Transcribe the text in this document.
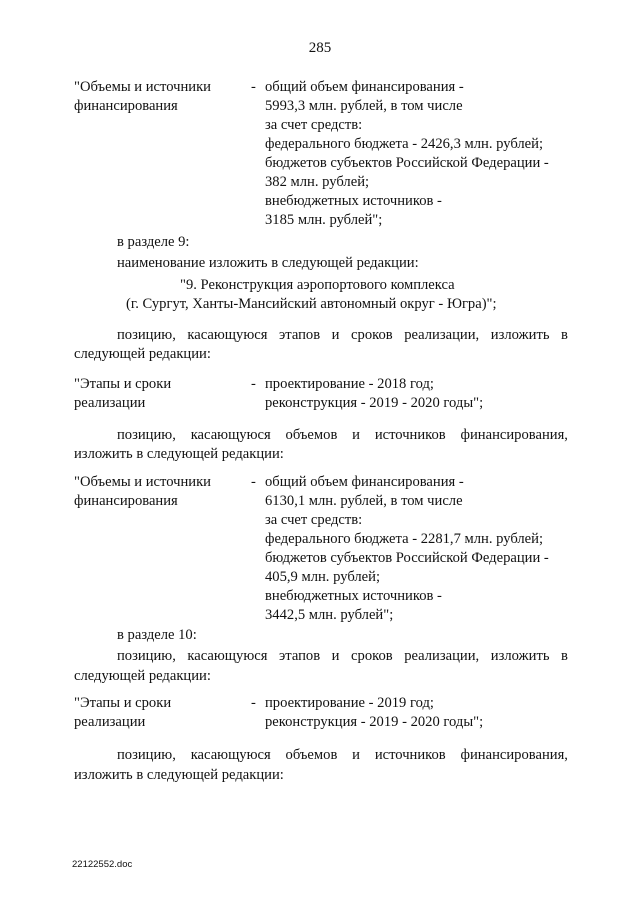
285
"Объемы и источники
финансирования
- общий объем финансирования -
5993,3 млн. рублей, в том числе
за счет средств:
федерального бюджета - 2426,3 млн. рублей;
бюджетов субъектов Российской Федерации -
382 млн. рублей;
внебюджетных источников -
3185 млн. рублей";
в разделе 9:
наименование изложить в следующей редакции:
"9. Реконструкция аэропортового комплекса
(г. Сургут, Ханты-Мансийский автономный округ - Югра)";
позицию, касающуюся этапов и сроков реализации, изложить в
следующей редакции:
"Этапы и сроки
реализации
- проектирование - 2018 год;
реконструкция - 2019 - 2020 годы";
позицию, касающуюся объемов и источников финансирования,
изложить в следующей редакции:
"Объемы и источники
финансирования
- общий объем финансирования -
6130,1 млн. рублей, в том числе
за счет средств:
федерального бюджета - 2281,7 млн. рублей;
бюджетов субъектов Российской Федерации -
405,9 млн. рублей;
внебюджетных источников -
3442,5 млн. рублей";
в разделе 10:
позицию, касающуюся этапов и сроков реализации, изложить в
следующей редакции:
"Этапы и сроки
реализации
- проектирование - 2019 год;
реконструкция - 2019 - 2020 годы";
позицию, касающуюся объемов и источников финансирования,
изложить в следующей редакции:
22122552.doc
